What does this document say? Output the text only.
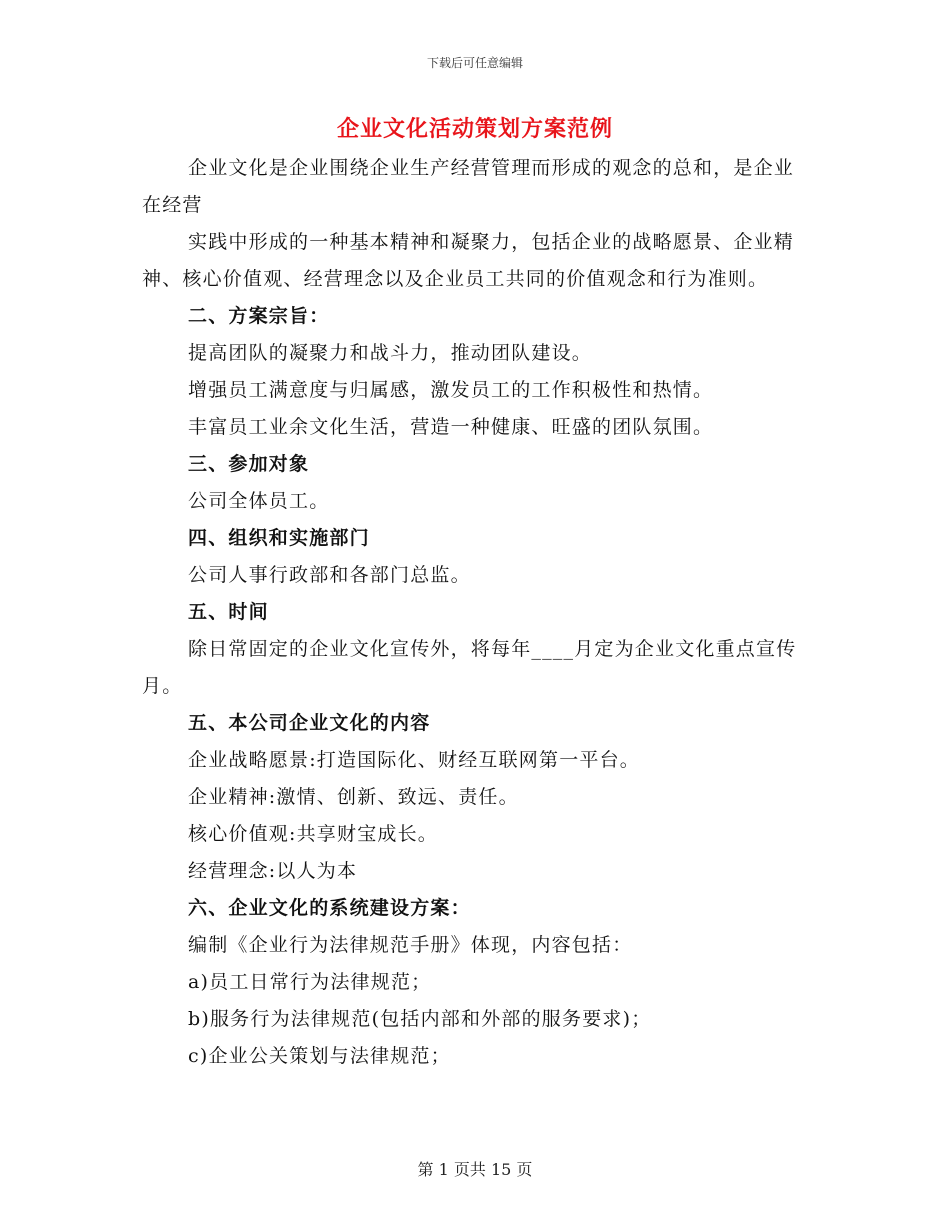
下载后可任意编辑
企业文化活动策划方案范例

企业文化是企业围绕企业生产经营管理而形成的观念的总和，是企业在经营

实践中形成的一种基本精神和凝聚力，包括企业的战略愿景、企业精神、核心价值观、经营理念以及企业员工共同的价值观念和行为准则。

二、方案宗旨：

提高团队的凝聚力和战斗力，推动团队建设。

增强员工满意度与归属感，激发员工的工作积极性和热情。

丰富员工业余文化生活，营造一种健康、旺盛的团队氛围。

三、参加对象

公司全体员工。

四、组织和实施部门

公司人事行政部和各部门总监。

五、时间

除日常固定的企业文化宣传外，将每年____月定为企业文化重点宣传月。

五、本公司企业文化的内容

企业战略愿景:打造国际化、财经互联网第一平台。

企业精神:激情、创新、致远、责任。

核心价值观:共享财宝成长。

经营理念:以人为本

六、企业文化的系统建设方案：

编制《企业行为法律规范手册》体现，内容包括：

a)员工日常行为法律规范；

b)服务行为法律规范(包括内部和外部的服务要求)；

c)企业公关策划与法律规范；

第 1 页共 15 页
